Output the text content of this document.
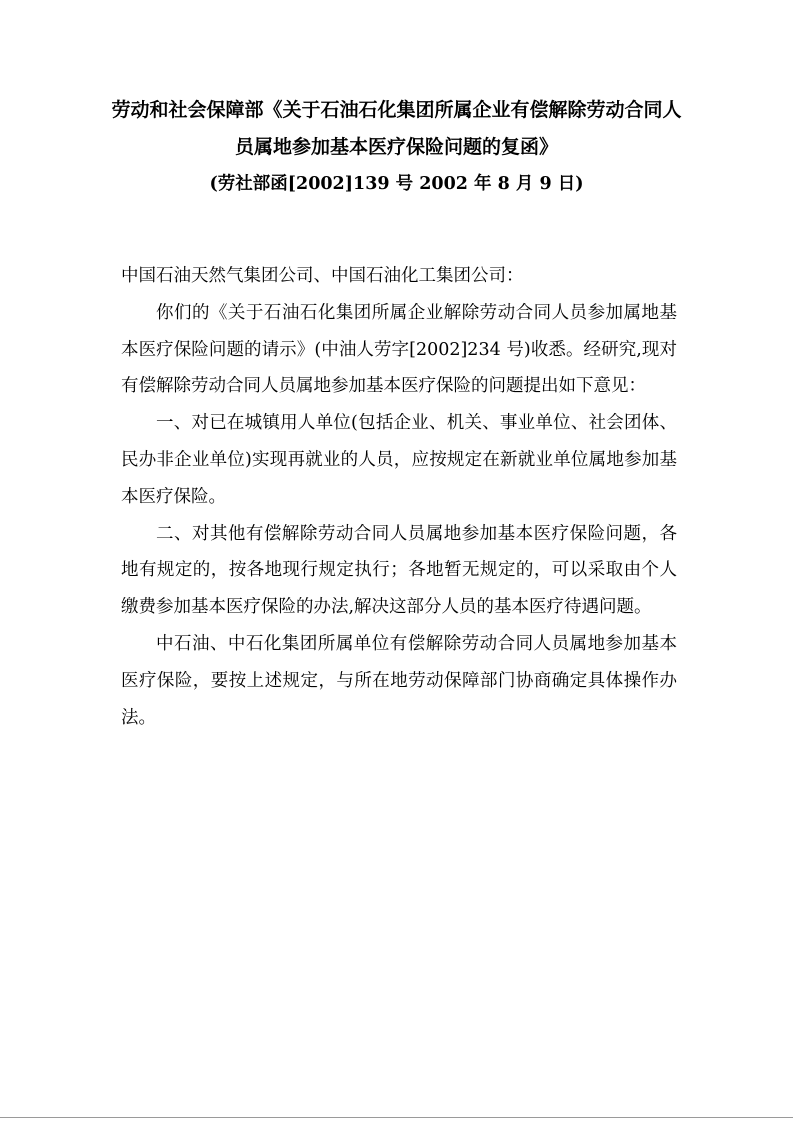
劳动和社会保障部《关于石油石化集团所属企业有偿解除劳动合同人
员属地参加基本医疗保险问题的复函》
(劳社部函[2002]139 号 2002 年 8 月 9 日)

中国石油天然气集团公司、中国石油化工集团公司：

你们的《关于石油石化集团所属企业解除劳动合同人员参加属地基本医疗保险问题的请示》(中油人劳字[2002]234 号)收悉。经研究,现对有偿解除劳动合同人员属地参加基本医疗保险的问题提出如下意见：

一、对已在城镇用人单位(包括企业、机关、事业单位、社会团体、民办非企业单位)实现再就业的人员，应按规定在新就业单位属地参加基本医疗保险。

二、对其他有偿解除劳动合同人员属地参加基本医疗保险问题，各地有规定的，按各地现行规定执行；各地暂无规定的，可以采取由个人缴费参加基本医疗保险的办法,解决这部分人员的基本医疗待遇问题。

中石油、中石化集团所属单位有偿解除劳动合同人员属地参加基本医疗保险，要按上述规定，与所在地劳动保障部门协商确定具体操作办法。
